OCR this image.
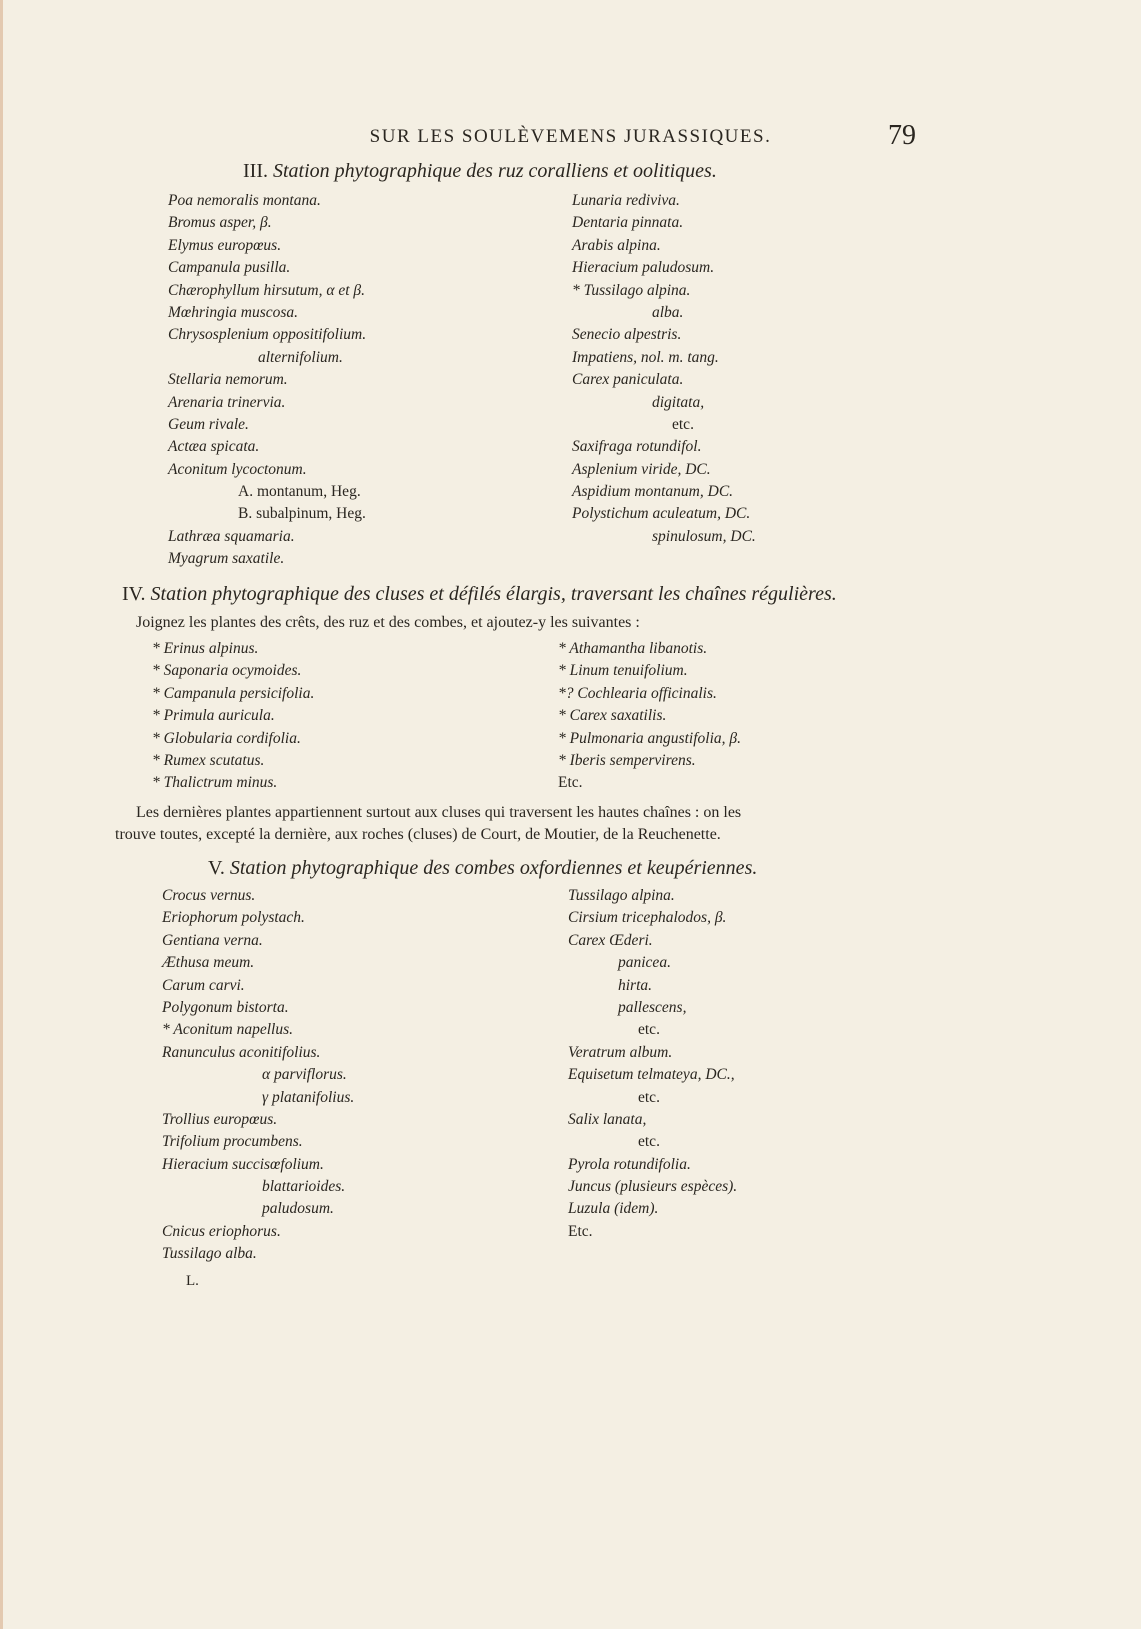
SUR LES SOULÈVEMENS JURASSIQUES.	79
III. Station phytographique des ruz coralliens et oolitiques.
Poa nemoralis montana.
Bromus asper, β.
Elymus europœus.
Campanula pusilla.
Chærophyllum hirsutum, α et β.
Mœhringia muscosa.
Chrysosplenium oppositifolium.
alternifolium.
Stellaria nemorum.
Arenaria trinervia.
Geum rivale.
Actæa spicata.
Aconitum lycoctonum.
A. montanum, Heg.
B. subalpinum, Heg.
Lathræa squamaria.
Myagrum saxatile.
Lunaria rediviva.
Dentaria pinnata.
Arabis alpina.
Hieracium paludosum.
* Tussilago alpina.
alba.
Senecio alpestris.
Impatiens, nol. m. tang.
Carex paniculata.
digitata,
etc.
Saxifraga rotundifol.
Asplenium viride, DC.
Aspidium montanum, DC.
Polystichum aculeatum, DC.
spinulosum, DC.
IV. Station phytographique des cluses et défilés élargis, traversant les chaînes régulières.
Joignez les plantes des crêts, des ruz et des combes, et ajoutez-y les suivantes :
* Erinus alpinus.
* Saponaria ocymoides.
* Campanula persicifolia.
* Primula auricula.
* Globularia cordifolia.
* Rumex scutatus.
* Thalictrum minus.
* Athamantha libanotis.
* Linum tenuifolium.
*? Cochlearia officinalis.
* Carex saxatilis.
* Pulmonaria angustifolia, β.
* Iberis sempervirens.
Etc.
Les dernières plantes appartiennent surtout aux cluses qui traversent les hautes chaînes : on les
trouve toutes, excepté la dernière, aux roches (cluses) de Court, de Moutier, de la Reuchenette.
V. Station phytographique des combes oxfordiennes et keupériennes.
Crocus vernus.
Eriophorum polystach.
Gentiana verna.
Æthusa meum.
Carum carvi.
Polygonum bistorta.
* Aconitum napellus.
Ranunculus aconitifolius.
α parviflorus.
γ platanifolius.
Trollius europœus.
Trifolium procumbens.
Hieracium succisœfolium.
blattarioides.
paludosum.
Cnicus eriophorus.
Tussilago alba.
Tussilago alpina.
Cirsium tricephalodos, β.
Carex Œderi.
panicea.
hirta.
pallescens,
etc.
Veratrum album.
Equisetum telmateya, DC.,
etc.
Salix lanata,
etc.
Pyrola rotundifolia.
Juncus (plusieurs espèces).
Luzula (idem).
Etc.
L.
